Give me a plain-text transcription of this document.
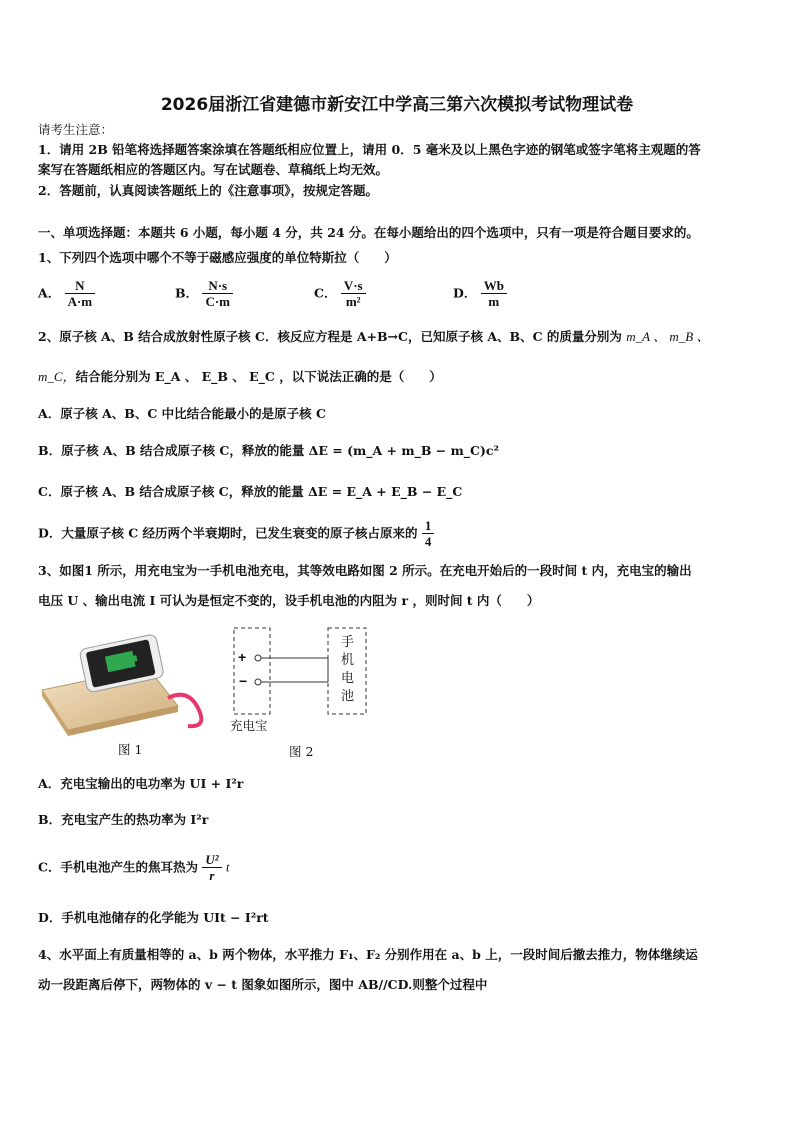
2026届浙江省建德市新安江中学高三第六次模拟考试物理试卷
请考生注意：
1．请用 2B 铅笔将选择题答案涂填在答题纸相应位置上，请用 0．5 毫米及以上黑色字迹的钢笔或签字笔将主观题的答
案写在答题纸相应的答题区内。写在试题卷、草稿纸上均无效。
2．答题前，认真阅读答题纸上的《注意事项》，按规定答题。
一、单项选择题：本题共 6 小题，每小题 4 分，共 24 分。在每小题给出的四个选项中，只有一项是符合题目要求的。
1、下列四个选项中哪个不等于磁感应强度的单位特斯拉（　　）
A． $\frac{N}{A\cdot m}$	B． $\frac{N\cdot s}{C\cdot m}$	C． $\frac{V\cdot s}{\text{m²}}$	D． $\frac{Wb}{m}$
2、原子核 A、B 结合成放射性原子核 C．核反应方程是 A+B→C，已知原子核 A、B、C 的质量分别为 m_A 、 m_B 、
m_C，结合能分别为 E_A 、 E_B 、 E_C ，以下说法正确的是（　　）
A．原子核 A、B、C 中比结合能最小的是原子核 C
B．原子核 A、B 结合成原子核 C，释放的能量 ΔE = (m_A + m_B − m_C)c²
C．原子核 A、B 结合成原子核 C，释放的能量 ΔE = E_A + E_B − E_C
D．大量原子核 C 经历两个半衰期时，已发生衰变的原子核占原来的 $\frac{1}{4}$
3、如图1 所示，用充电宝为一手机电池充电，其等效电路如图 2 所示。在充电开始后的一段时间 t 内，充电宝的输出
电压 U 、输出电流 I 可认为是恒定不变的，设手机电池的内阻为 r ，则时间 t 内（　　）
图 1
+
−
手机电池
充电宝
图 2
A．充电宝输出的电功率为 UI + I²r
B．充电宝产生的热功率为 I²r
C．手机电池产生的焦耳热为 $\frac{\text{U²}}{r}$ t
D．手机电池储存的化学能为 UIt − I²rt
4、水平面上有质量相等的 a、b 两个物体，水平推力 F₁、F₂ 分别作用在 a、b 上，一段时间后撤去推力，物体继续运
动一段距离后停下，两物体的 v − t 图象如图所示，图中 AB//CD.则整个过程中
